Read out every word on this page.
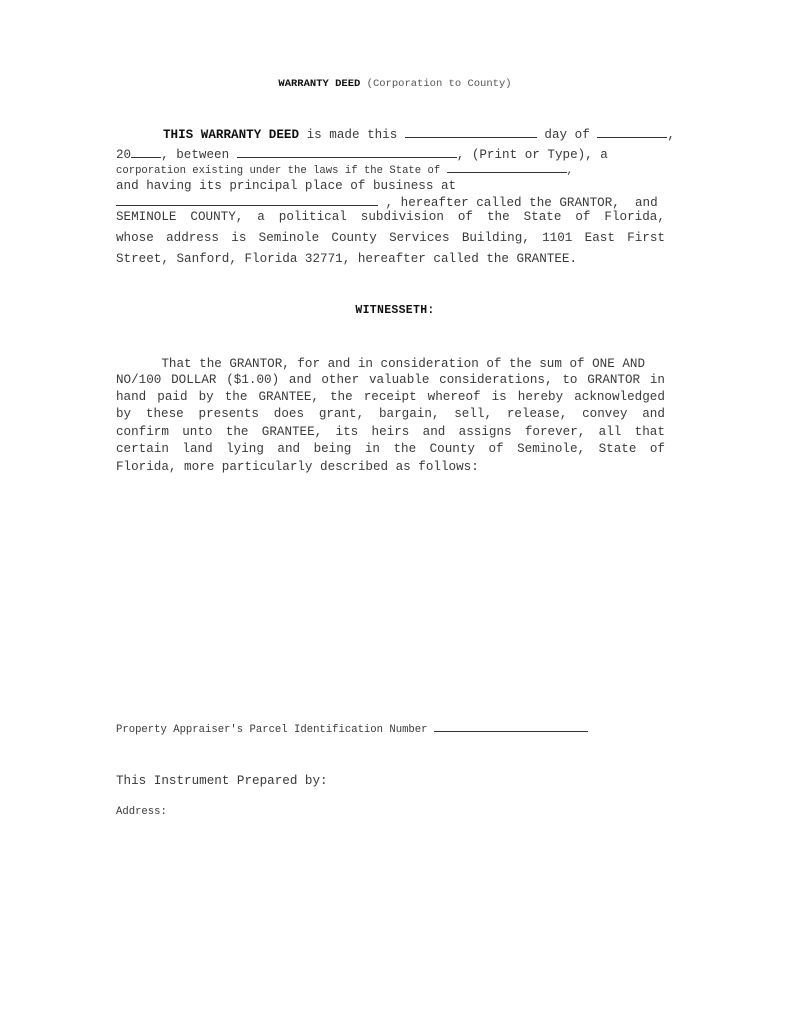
WARRANTY DEED (Corporation to County)
THIS WARRANTY DEED is made this	day of	,
20 , between	, (Print or Type), a
corporation existing under the laws if the State of	,
and having its principal place of business at
, hereafter called the GRANTOR,  and
SEMINOLE COUNTY, a political subdivision of the State of Florida,
whose address is Seminole County Services Building, 1101 East First
Street, Sanford, Florida 32771, hereafter called the GRANTEE.
WITNESSETH:
That the GRANTOR, for and in consideration of the sum of ONE AND
NO/100 DOLLAR ($1.00) and other valuable considerations, to GRANTOR in
hand paid by the GRANTEE, the receipt whereof is hereby acknowledged
by these presents does grant, bargain, sell, release, convey and
confirm unto the GRANTEE, its heirs and assigns forever, all that
certain land lying and being in the County of Seminole, State of
Florida, more particularly described as follows:
Property Appraiser's Parcel Identification Number
This Instrument Prepared by:
Address:
